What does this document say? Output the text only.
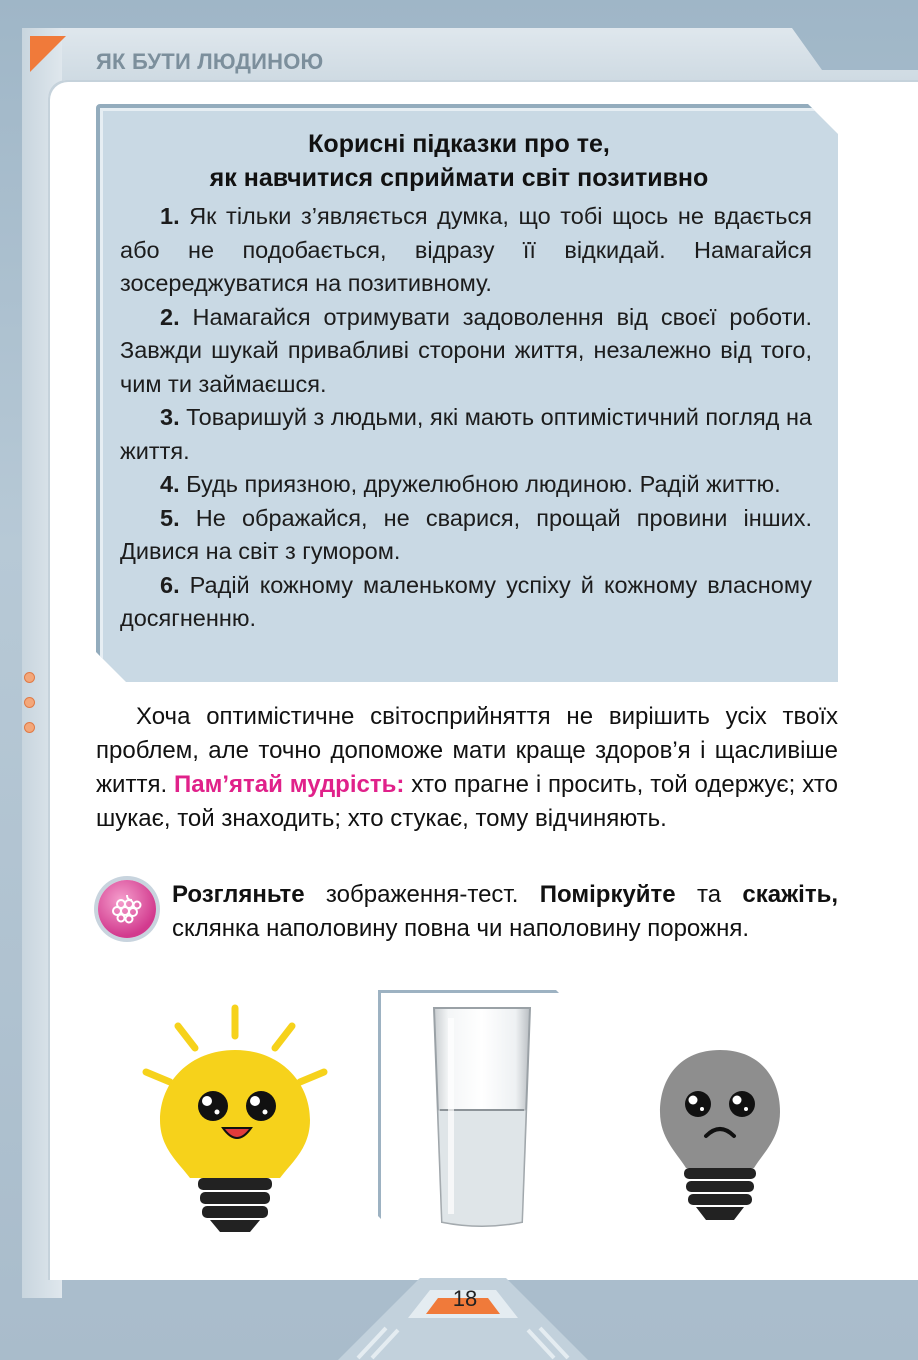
ЯК БУТИ ЛЮДИНОЮ
Корисні підказки про те,
як навчитися сприймати світ позитивно

1. Як тільки з’являється думка, що тобі щось не вдається або не подобається, відразу її відкидай. Намагайся зосереджуватися на позитивному.

2. Намагайся отримувати задоволення від своєї роботи. Завжди шукай привабливі сторони життя, незалежно від того, чим ти займаєшся.

3. Товаришуй з людьми, які мають оптимістичний погляд на життя.

4. Будь приязною, дружелюбною людиною. Радій життю.

5. Не ображайся, не сварися, прощай провини інших. Дивися на світ з гумором.

6. Радій кожному маленькому успіху й кожному власному досягненню.

Хоча оптимістичне світосприйняття не вирішить усіх твоїх проблем, але точно допоможе мати краще здоров’я і щасливіше життя. Пам’ятай мудрість: хто прагне і просить, той одержує; хто шукає, той знаходить; хто стукає, тому відчиняють.

Розгляньте зображення-тест. Поміркуйте та скажіть, склянка наполовину повна чи наполовину порожня.

18
